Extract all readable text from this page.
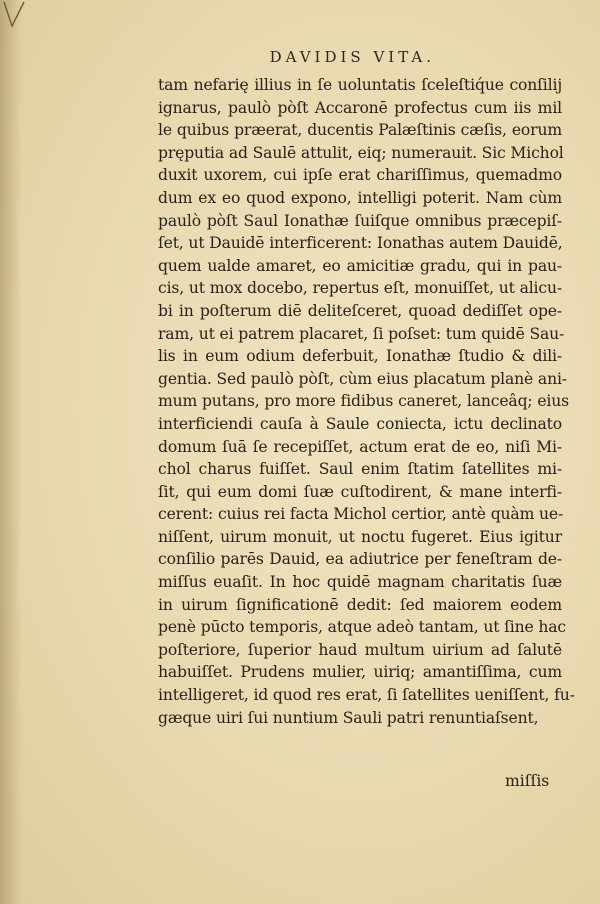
DAVIDIS VITA.
tam nefarię illius in ſe uoluntatis ſceleſtiq́ue conſilij
ignarus, paulò pòſt Accaronē profectus cum iis mil
le quibus præerat, ducentis Palæſtinis cæſis, eorum
pręputia ad Saulē attulit, eiq; numerauit. Sic Michol
duxit uxorem, cui ipſe erat chariſſimus, quemadmo
dum ex eo quod expono, intelligi poterit. Nam cùm
paulò pòſt Saul Ionathæ ſuiſque omnibus præcepiſ-
ſet, ut Dauidē interficerent: Ionathas autem Dauidē,
quem ualde amaret, eo amicitiæ gradu, qui in pau-
cis, ut mox docebo, repertus eſt, monuiſſet, ut alicu-
bi in poſterum diē deliteſceret, quoad dediſſet ope-
ram, ut ei patrem placaret, ſi poſset: tum quidē Sau-
lis in eum odium deferbuit, Ionathæ ſtudio & dili-
gentia. Sed paulò pòſt, cùm eius placatum planè ani-
mum putans, pro more fidibus caneret, lanceâq; eius
interficiendi cauſa à Saule coniecta, ictu declinato
domum ſuā ſe recepiſſet, actum erat de eo, niſi Mi-
chol charus fuiſſet. Saul enim ſtatim ſatellites mi-
ſit, qui eum domi ſuæ cuſtodirent, & mane interfi-
cerent: cuius rei facta Michol certior, antè quàm ue-
niſſent, uirum monuit, ut noctu fugeret. Eius igitur
conſilio parēs Dauid, ea adiutrice per feneſtram de-
miſſus euaſit. In hoc quidē magnam charitatis ſuæ
in uirum ſignificationē dedit: ſed maiorem eodem
penè pūcto temporis, atque adeò tantam, ut ſine hac
poſteriore, ſuperior haud multum uirium ad ſalutē
habuiſſet. Prudens mulier, uiriq; amantiſſima, cum
intelligeret, id quod res erat, ſi ſatellites ueniſſent, fu-
gæque uiri ſui nuntium Sauli patri renuntiaſsent,
miſſis
